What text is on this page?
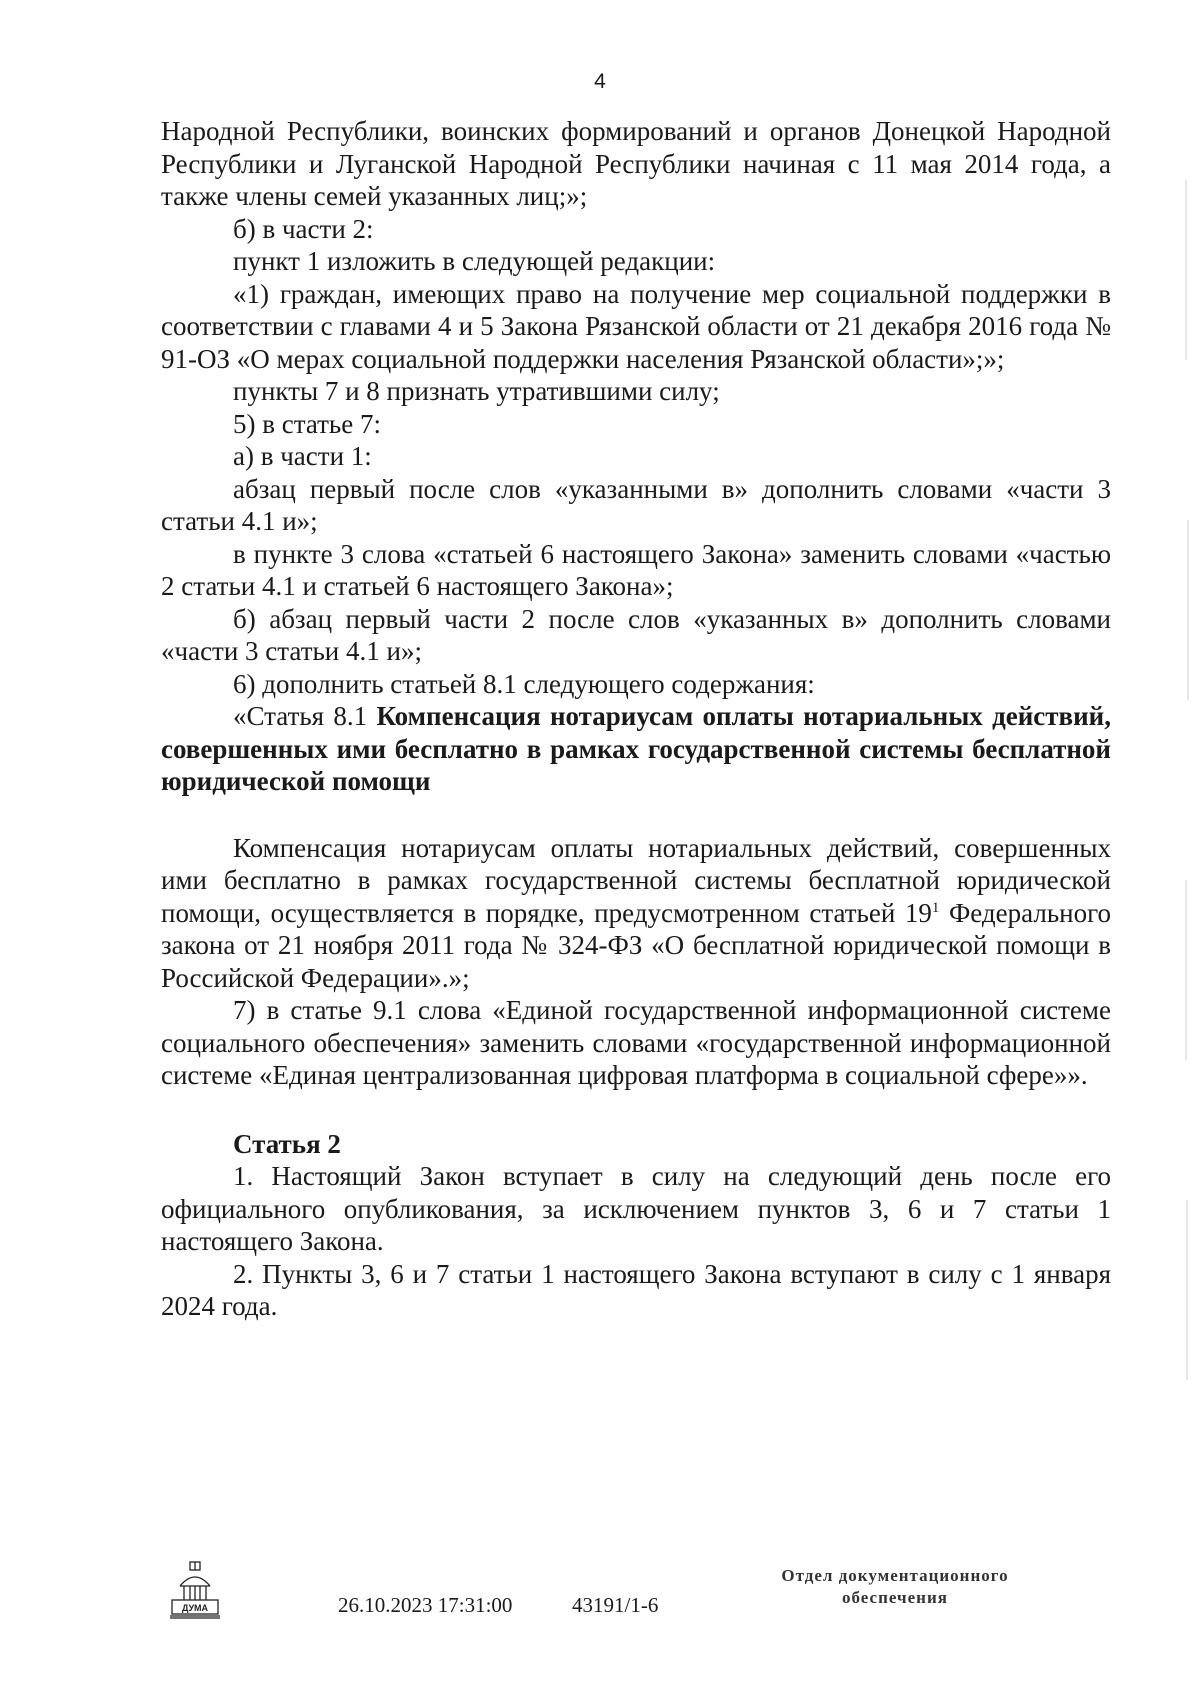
4

Народной Республики, воинских формирований и органов Донецкой Народной Республики и Луганской Народной Республики начиная с 11 мая 2014 года, а также члены семей указанных лиц;»;

б) в части 2:

пункт 1 изложить в следующей редакции:

«1) граждан, имеющих право на получение мер социальной поддержки в соответствии с главами 4 и 5 Закона Рязанской области от 21 декабря 2016 года № 91-ОЗ «О мерах социальной поддержки населения Рязанской области»;»;

пункты 7 и 8 признать утратившими силу;

5) в статье 7:

а) в части 1:

абзац первый после слов «указанными в» дополнить словами «части 3 статьи 4.1 и»;

в пункте 3 слова «статьей 6 настоящего Закона» заменить словами «частью 2 статьи 4.1 и статьей 6 настоящего Закона»;

б) абзац первый части 2 после слов «указанных в» дополнить словами «части 3 статьи 4.1 и»;

6) дополнить статьей 8.1 следующего содержания:

«Статья 8.1 Компенсация нотариусам оплаты нотариальных действий, совершенных ими бесплатно в рамках государственной системы бесплатной юридической помощи

Компенсация нотариусам оплаты нотариальных действий, совершенных ими бесплатно в рамках государственной системы бесплатной юридической помощи, осуществляется в порядке, предусмотренном статьей $19^1$ Федерального закона от 21 ноября 2011 года № 324-ФЗ «О бесплатной юридической помощи в Российской Федерации».»;

7) в статье 9.1 слова «Единой государственной информационной системе социального обеспечения» заменить словами «государственной информационной системе «Единая централизованная цифровая платформа в социальной сфере»».

Статья 2

1. Настоящий Закон вступает в силу на следующий день после его официального опубликования, за исключением пунктов 3, 6 и 7 статьи 1 настоящего Закона.

2. Пункты 3, 6 и 7 статьи 1 настоящего Закона вступают в силу с 1 января 2024 года.

ДУМА	26.10.2023 17:31:00	43191/1-6
Отдел документационного
обеспечения
